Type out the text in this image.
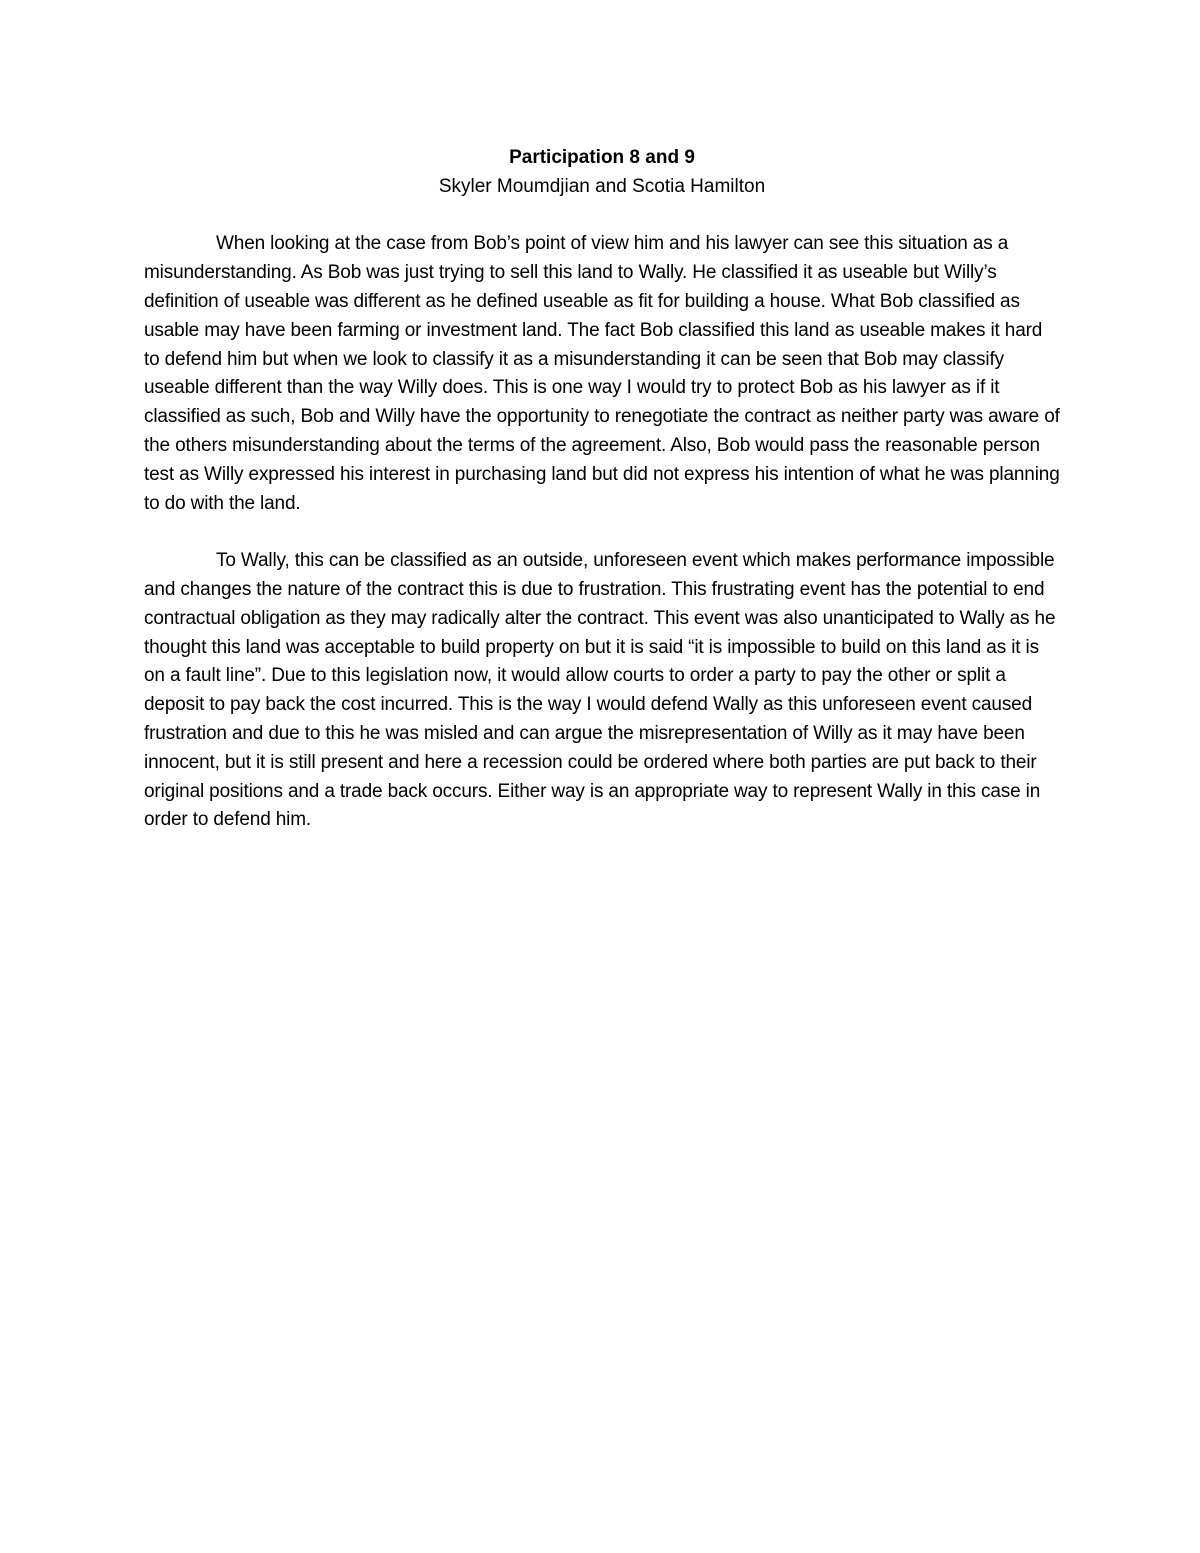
Participation 8 and 9

Skyler Moumdjian and Scotia Hamilton

When looking at the case from Bob’s point of view him and his lawyer can see this situation as a misunderstanding. As Bob was just trying to sell this land to Wally. He classified it as useable but Willy’s definition of useable was different as he defined useable as fit for building a house. What Bob classified as usable may have been farming or investment land. The fact Bob classified this land as useable makes it hard to defend him but when we look to classify it as a misunderstanding it can be seen that Bob may classify useable different than the way Willy does. This is one way I would try to protect Bob as his lawyer as if it classified as such, Bob and Willy have the opportunity to renegotiate the contract as neither party was aware of the others misunderstanding about the terms of the agreement. Also, Bob would pass the reasonable person test as Willy expressed his interest in purchasing land but did not express his intention of what he was planning to do with the land.

To Wally, this can be classified as an outside, unforeseen event which makes performance impossible and changes the nature of the contract this is due to frustration. This frustrating event has the potential to end contractual obligation as they may radically alter the contract. This event was also unanticipated to Wally as he thought this land was acceptable to build property on but it is said “it is impossible to build on this land as it is on a fault line”. Due to this legislation now, it would allow courts to order a party to pay the other or split a deposit to pay back the cost incurred. This is the way I would defend Wally as this unforeseen event caused frustration and due to this he was misled and can argue the misrepresentation of Willy as it may have been innocent, but it is still present and here a recession could be ordered where both parties are put back to their original positions and a trade back occurs. Either way is an appropriate way to represent Wally in this case in order to defend him.
